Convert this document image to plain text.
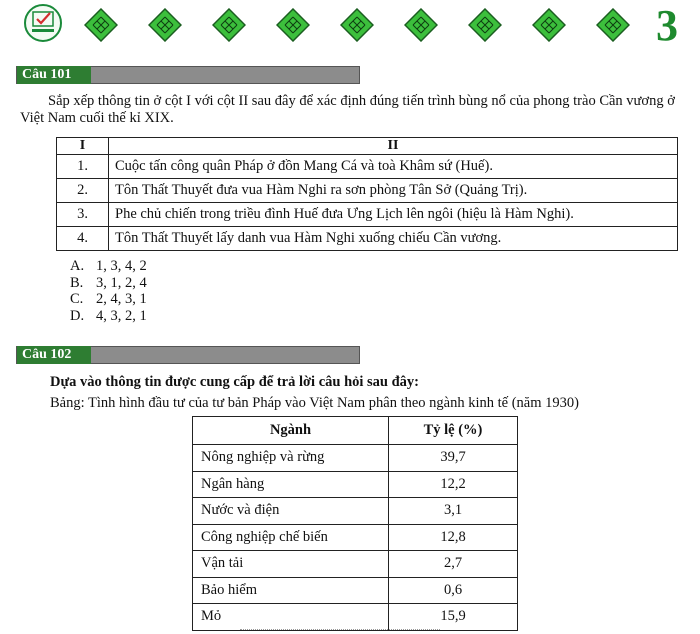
3
Câu 101
Sắp xếp thông tin ở cột I với cột II sau đây để xác định đúng tiến trình bùng nổ của phong trào Cần vương ở Việt Nam cuối thế kỉ XIX.
I	II
1.	Cuộc tấn công quân Pháp ở đồn Mang Cá và toà Khâm sứ (Huế).
2.	Tôn Thất Thuyết đưa vua Hàm Nghi ra sơn phòng Tân Sở (Quảng Trị).
3.	Phe chủ chiến trong triều đình Huế đưa Ưng Lịch lên ngôi (hiệu là Hàm Nghi).
4.	Tôn Thất Thuyết lấy danh vua Hàm Nghi xuống chiếu Cần vương.
A. 1, 3, 4, 2
B. 3, 1, 2, 4
C. 2, 4, 3, 1
D. 4, 3, 2, 1
Câu 102
Dựa vào thông tin được cung cấp để trả lời câu hỏi sau đây:
Bảng: Tình hình đầu tư của tư bản Pháp vào Việt Nam phân theo ngành kinh tế (năm 1930)
Ngành	Tỷ lệ (%)
Nông nghiệp và rừng	39,7
Ngân hàng	12,2
Nước và điện	3,1
Công nghiệp chế biến	12,8
Vận tải	2,7
Bảo hiểm	0,6
Mỏ	15,9
